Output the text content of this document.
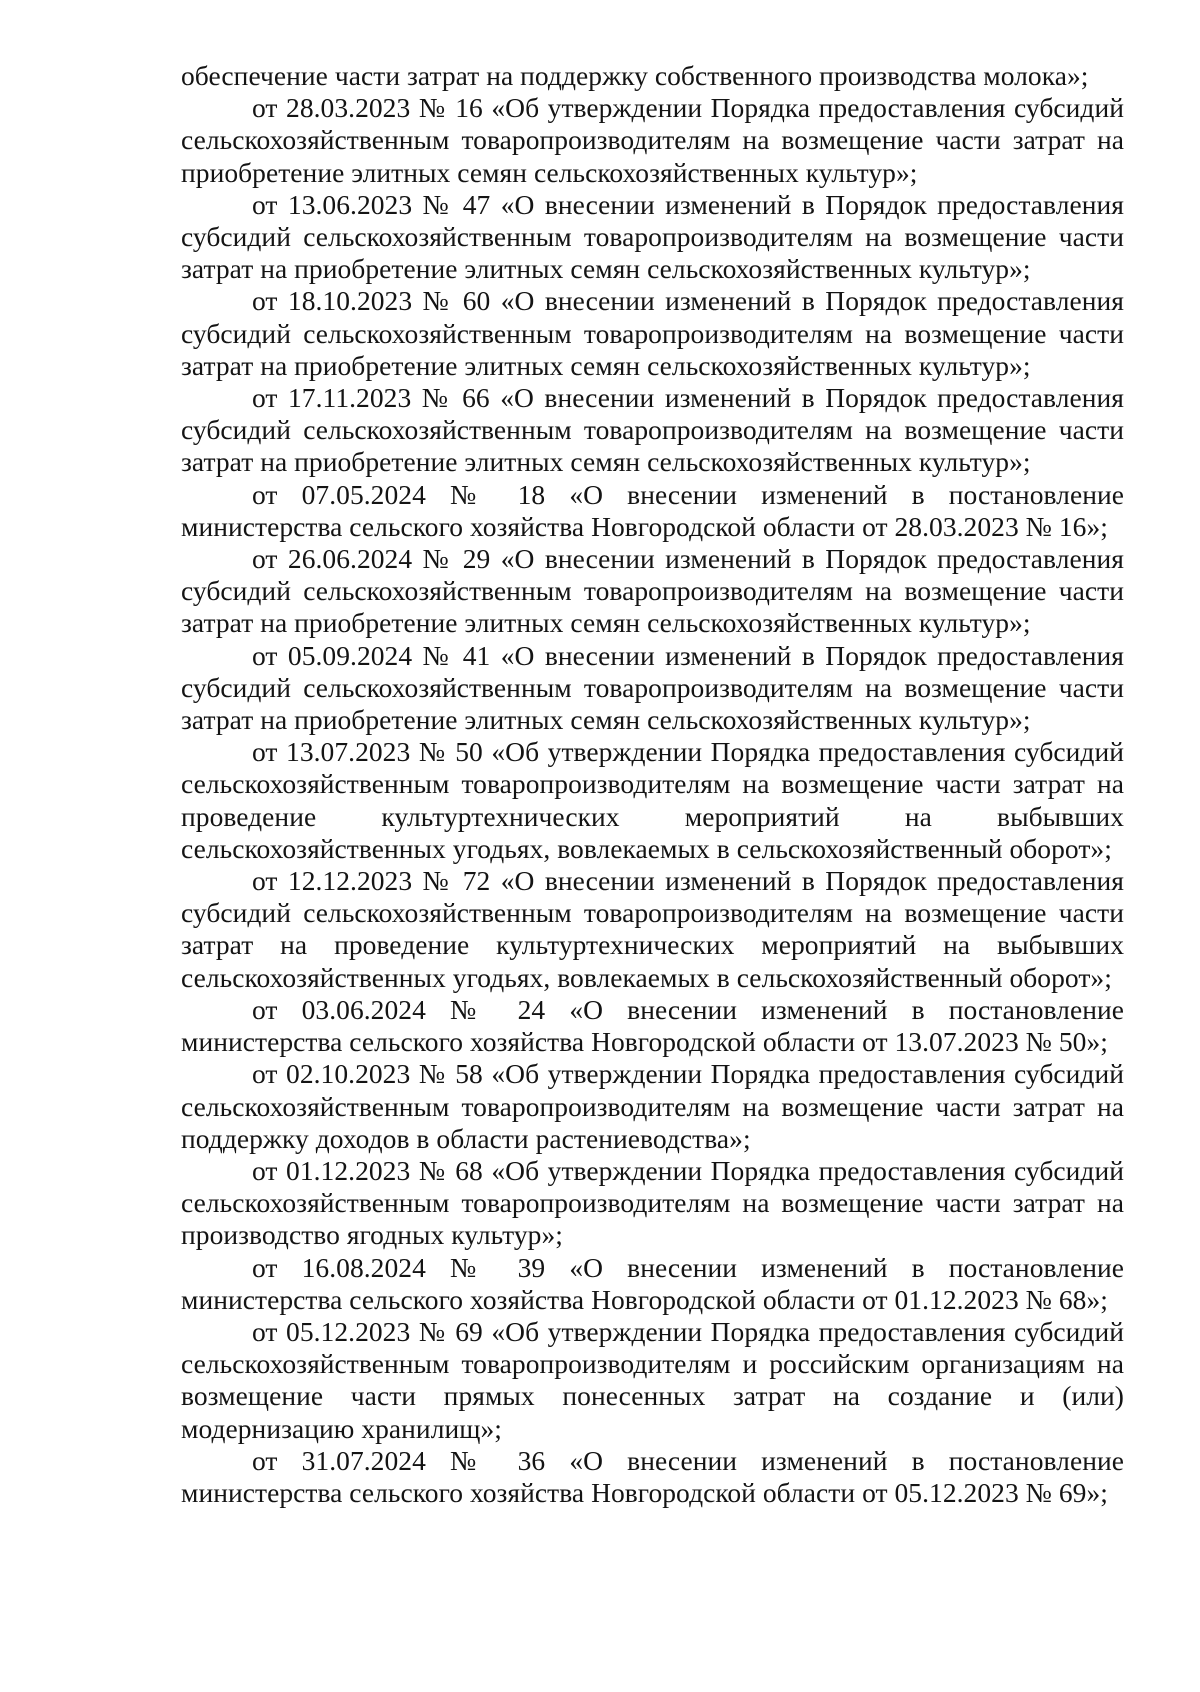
обеспечение части затрат на поддержку собственного производства молока»;

от 28.03.2023 № 16 «Об утверждении Порядка предоставления субсидий сельскохозяйственным товаропроизводителям на возмещение части затрат на приобретение элитных семян сельскохозяйственных культур»;

от 13.06.2023 № 47 «О внесении изменений в Порядок предоставления субсидий сельскохозяйственным товаропроизводителям на возмещение части затрат на приобретение элитных семян сельскохозяйственных культур»;

от 18.10.2023 № 60 «О внесении изменений в Порядок предоставления субсидий сельскохозяйственным товаропроизводителям на возмещение части затрат на приобретение элитных семян сельскохозяйственных культур»;

от 17.11.2023 № 66 «О внесении изменений в Порядок предоставления субсидий сельскохозяйственным товаропроизводителям на возмещение части затрат на приобретение элитных семян сельскохозяйственных культур»;

от 07.05.2024 № 18 «О внесении изменений в постановление министерства сельского хозяйства Новгородской области от 28.03.2023 № 16»;

от 26.06.2024 № 29 «О внесении изменений в Порядок предоставления субсидий сельскохозяйственным товаропроизводителям на возмещение части затрат на приобретение элитных семян сельскохозяйственных культур»;

от 05.09.2024 № 41 «О внесении изменений в Порядок предоставления субсидий сельскохозяйственным товаропроизводителям на возмещение части затрат на приобретение элитных семян сельскохозяйственных культур»;

от 13.07.2023 № 50 «Об утверждении Порядка предоставления субсидий сельскохозяйственным товаропроизводителям на возмещение части затрат на проведение культуртехнических мероприятий на выбывших сельскохозяйственных угодьях, вовлекаемых в сельскохозяйственный оборот»;

от 12.12.2023 № 72 «О внесении изменений в Порядок предоставления субсидий сельскохозяйственным товаропроизводителям на возмещение части затрат на проведение культуртехнических мероприятий на выбывших сельскохозяйственных угодьях, вовлекаемых в сельскохозяйственный оборот»;

от 03.06.2024 № 24 «О внесении изменений в постановление министерства сельского хозяйства Новгородской области от 13.07.2023 № 50»;

от 02.10.2023 № 58 «Об утверждении Порядка предоставления субсидий сельскохозяйственным товаропроизводителям на возмещение части затрат на поддержку доходов в области растениеводства»;

от 01.12.2023 № 68 «Об утверждении Порядка предоставления субсидий сельскохозяйственным товаропроизводителям на возмещение части затрат на производство ягодных культур»;

от 16.08.2024 № 39 «О внесении изменений в постановление министерства сельского хозяйства Новгородской области от 01.12.2023 № 68»;

от 05.12.2023 № 69 «Об утверждении Порядка предоставления субсидий сельскохозяйственным товаропроизводителям и российским организациям на возмещение части прямых понесенных затрат на создание и (или) модернизацию хранилищ»;

от 31.07.2024 № 36 «О внесении изменений в постановление министерства сельского хозяйства Новгородской области от 05.12.2023 № 69»;
